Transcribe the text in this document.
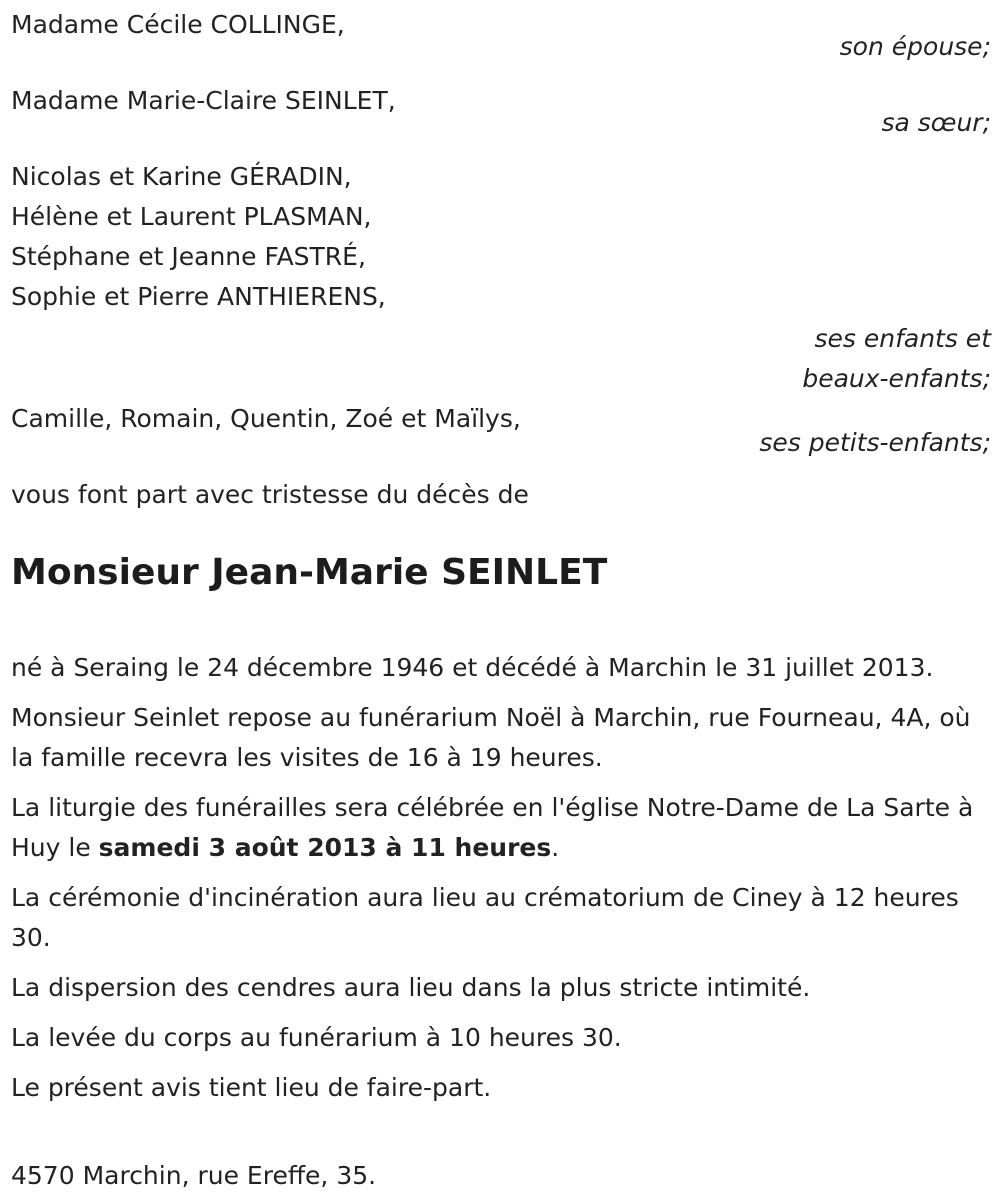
Madame Cécile COLLINGE,
son épouse;
Madame Marie-Claire SEINLET,
sa sœur;
Nicolas et Karine GÉRADIN,
Hélène et Laurent PLASMAN,
Stéphane et Jeanne FASTRÉ,
Sophie et Pierre ANTHIERENS,
ses enfants et
beaux-enfants;
Camille, Romain, Quentin, Zoé et Maïlys,
ses petits-enfants;
vous font part avec tristesse du décès de
Monsieur Jean-Marie SEINLET
né à Seraing le 24 décembre 1946 et décédé à Marchin le 31 juillet 2013.
Monsieur Seinlet repose au funérarium Noël à Marchin, rue Fourneau, 4A, où la famille recevra les visites de 16 à 19 heures.
La liturgie des funérailles sera célébrée en l'église Notre-Dame de La Sarte à Huy le samedi 3 août 2013 à 11 heures.
La cérémonie d'incinération aura lieu au crématorium de Ciney à 12 heures 30.
La dispersion des cendres aura lieu dans la plus stricte intimité.
La levée du corps au funérarium à 10 heures 30.
Le présent avis tient lieu de faire-part.
4570 Marchin, rue Ereffe, 35.
